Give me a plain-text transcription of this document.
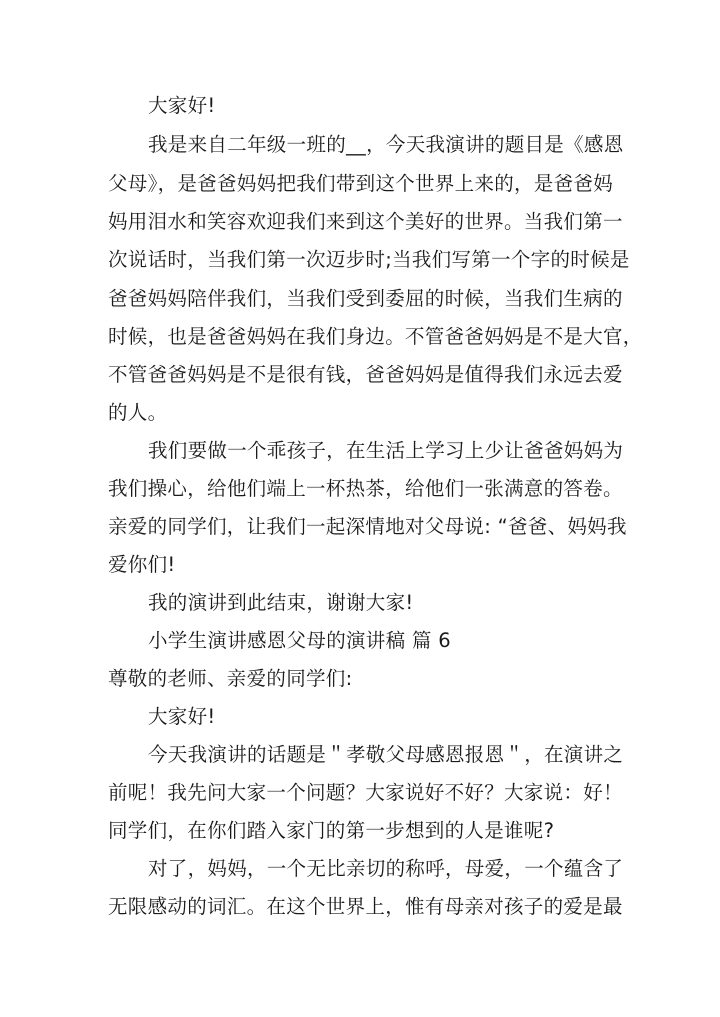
大家好!
我是来自二年级一班的__，今天我演讲的题目是《感恩
父母》，是爸爸妈妈把我们带到这个世界上来的，是爸爸妈
妈用泪水和笑容欢迎我们来到这个美好的世界。当我们第一
次说话时，当我们第一次迈步时;当我们写第一个字的时候是
爸爸妈妈陪伴我们，当我们受到委屈的时候，当我们生病的
时候，也是爸爸妈妈在我们身边。不管爸爸妈妈是不是大官，
不管爸爸妈妈是不是很有钱，爸爸妈妈是值得我们永远去爱
的人。
我们要做一个乖孩子，在生活上学习上少让爸爸妈妈为
我们操心，给他们端上一杯热茶，给他们一张满意的答卷。
亲爱的同学们，让我们一起深情地对父母说: “爸爸、妈妈我
爱你们!
我的演讲到此结束，谢谢大家!
小学生演讲感恩父母的演讲稿 篇 6
尊敬的老师、亲爱的同学们:
大家好!
今天我演讲的话题是＂孝敬父母感恩报恩＂，在演讲之
前呢！我先问大家一个问题？大家说好不好？大家说：好！
同学们，在你们踏入家门的第一步想到的人是谁呢?
对了，妈妈，一个无比亲切的称呼，母爱，一个蕴含了
无限感动的词汇。在这个世界上，惟有母亲对孩子的爱是最
